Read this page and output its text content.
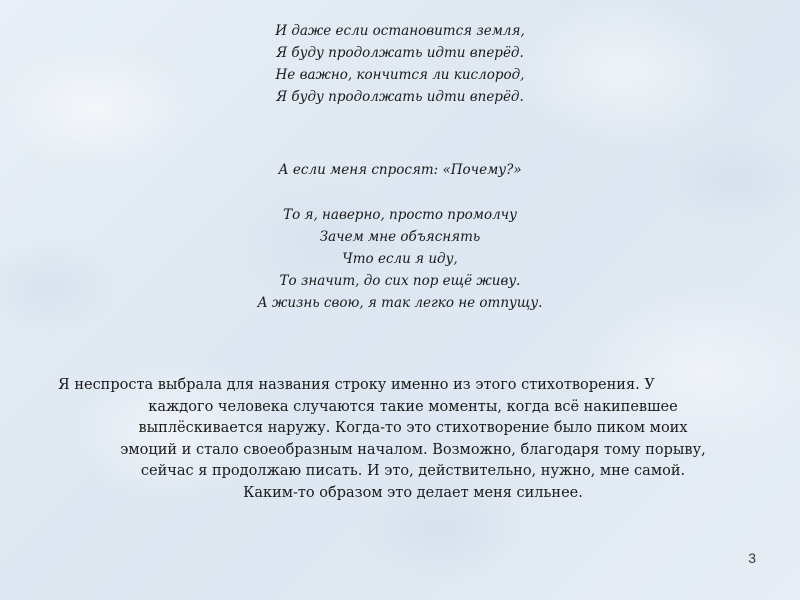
И даже если остановится земля,
Я буду продолжать идти вперёд.
Не важно, кончится ли кислород,
Я буду продолжать идти вперёд.
А если меня спросят: «Почему?»
То я, наверно, просто промолчу
Зачем мне объяснять
Что если я иду,
То значит, до сих пор ещё живу.
А жизнь свою, я так легко не отпущу.
Я неспроста выбрала для названия строку именно из этого стихотворения. У
каждого человека случаются такие моменты, когда всё накипевшее
выплёскивается наружу. Когда-то это стихотворение было пиком моих
эмоций и стало своеобразным началом. Возможно, благодаря тому порыву,
сейчас я продолжаю писать. И это, действительно, нужно, мне самой.
Каким-то образом это делает меня сильнее.
3
